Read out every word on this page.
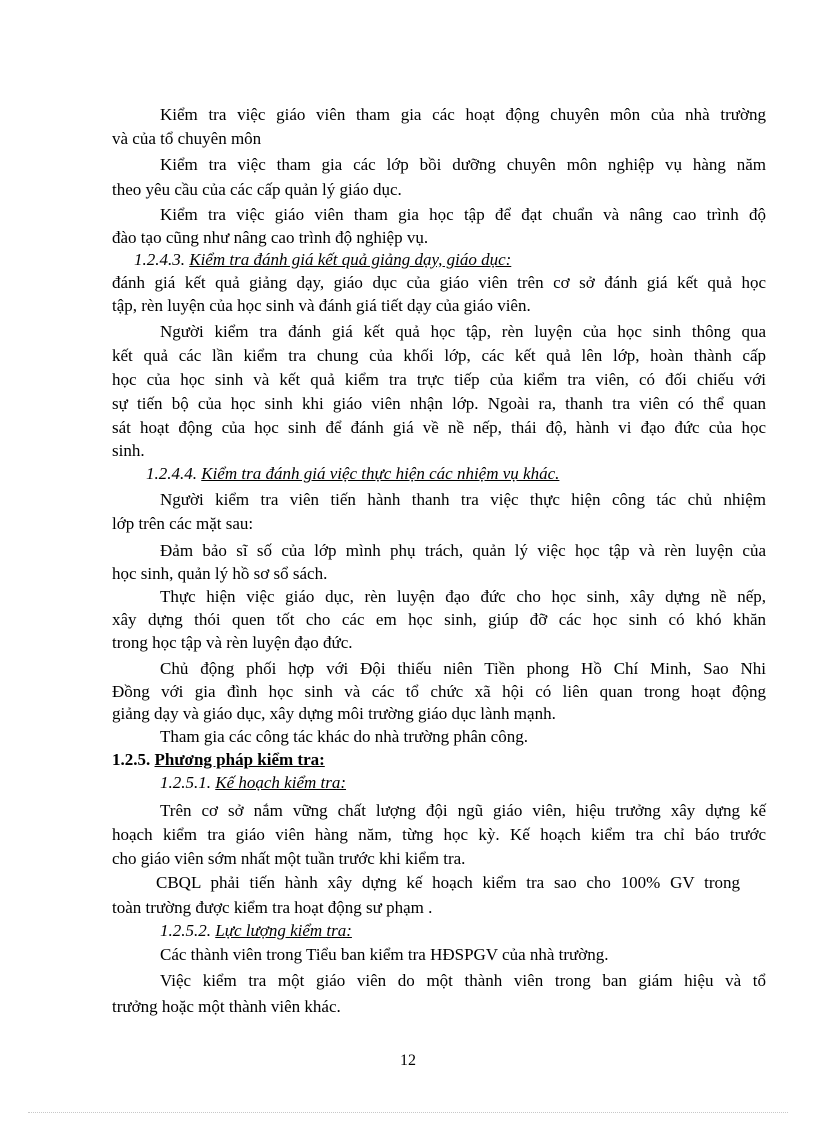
Kiểm tra việc giáo viên tham gia các hoạt động chuyên môn của nhà trường
và của tổ chuyên môn
Kiểm tra việc tham gia các lớp bồi dưỡng chuyên môn nghiệp vụ hàng năm
theo yêu cầu của các cấp quản lý giáo dục.
Kiểm tra việc giáo viên tham gia học tập để đạt chuẩn và nâng cao trình độ
đào tạo cũng như nâng cao trình độ nghiệp vụ.
1.2.4.3. Kiểm tra đánh giá kết quả giảng dạy, giáo dục:
đánh giá kết quả giảng dạy, giáo dục của giáo viên trên cơ sở đánh giá kết quả học
tập, rèn luyện của học sinh và đánh giá tiết dạy của giáo viên.
Người kiểm tra đánh giá kết quả học tập, rèn luyện của học sinh thông qua
kết quả các lần kiểm tra chung của khối lớp, các kết quả lên lớp, hoàn thành cấp
học của học sinh và kết quả kiểm tra trực tiếp của kiểm tra viên, có đối chiếu với
sự tiến bộ của học sinh khi giáo viên nhận lớp. Ngoài ra, thanh tra viên có thể quan
sát hoạt động của học sinh để đánh giá về nề nếp, thái độ, hành vi đạo đức của học
sinh.
1.2.4.4. Kiểm tra đánh giá việc thực hiện các nhiệm vụ khác.
Người kiểm tra viên tiến hành thanh tra việc thực hiện công tác chủ nhiệm
lớp trên các mặt sau:
Đảm bảo sĩ số của lớp mình phụ trách, quản lý việc học tập và rèn luyện của
học sinh, quản lý hồ sơ sổ sách.
Thực hiện việc giáo dục, rèn luyện đạo đức cho học sinh, xây dựng nề nếp,
xây dựng thói quen tốt cho các em học sinh, giúp đỡ các học sinh có khó khăn
trong học tập và rèn luyện đạo đức.
Chủ động phối hợp với Đội thiếu niên Tiền phong Hồ Chí Minh, Sao Nhi
Đồng với gia đình học sinh và các tổ chức xã hội có liên quan trong hoạt động
giảng dạy và giáo dục, xây dựng môi trường giáo dục lành mạnh.
Tham gia các công tác khác do nhà trường phân công.
1.2.5. Phương pháp kiểm tra:
1.2.5.1. Kế hoạch kiểm tra:
Trên cơ sở nắm vững chất lượng đội ngũ giáo viên, hiệu trưởng xây dựng kế
hoạch kiểm tra giáo viên hàng năm, từng học kỳ. Kế hoạch kiểm tra chỉ báo trước
cho giáo viên sớm nhất một tuần trước khi kiểm tra.
CBQL phải tiến hành xây dựng kế hoạch kiểm tra sao cho 100% GV trong
toàn trường được kiểm tra hoạt động sư phạm .
1.2.5.2. Lực lượng kiểm tra:
Các thành viên trong Tiểu ban kiểm tra HĐSPGV của nhà trường.
Việc kiểm tra một giáo viên do một thành viên trong ban giám hiệu và tổ
trưởng hoặc một thành viên khác.
12
